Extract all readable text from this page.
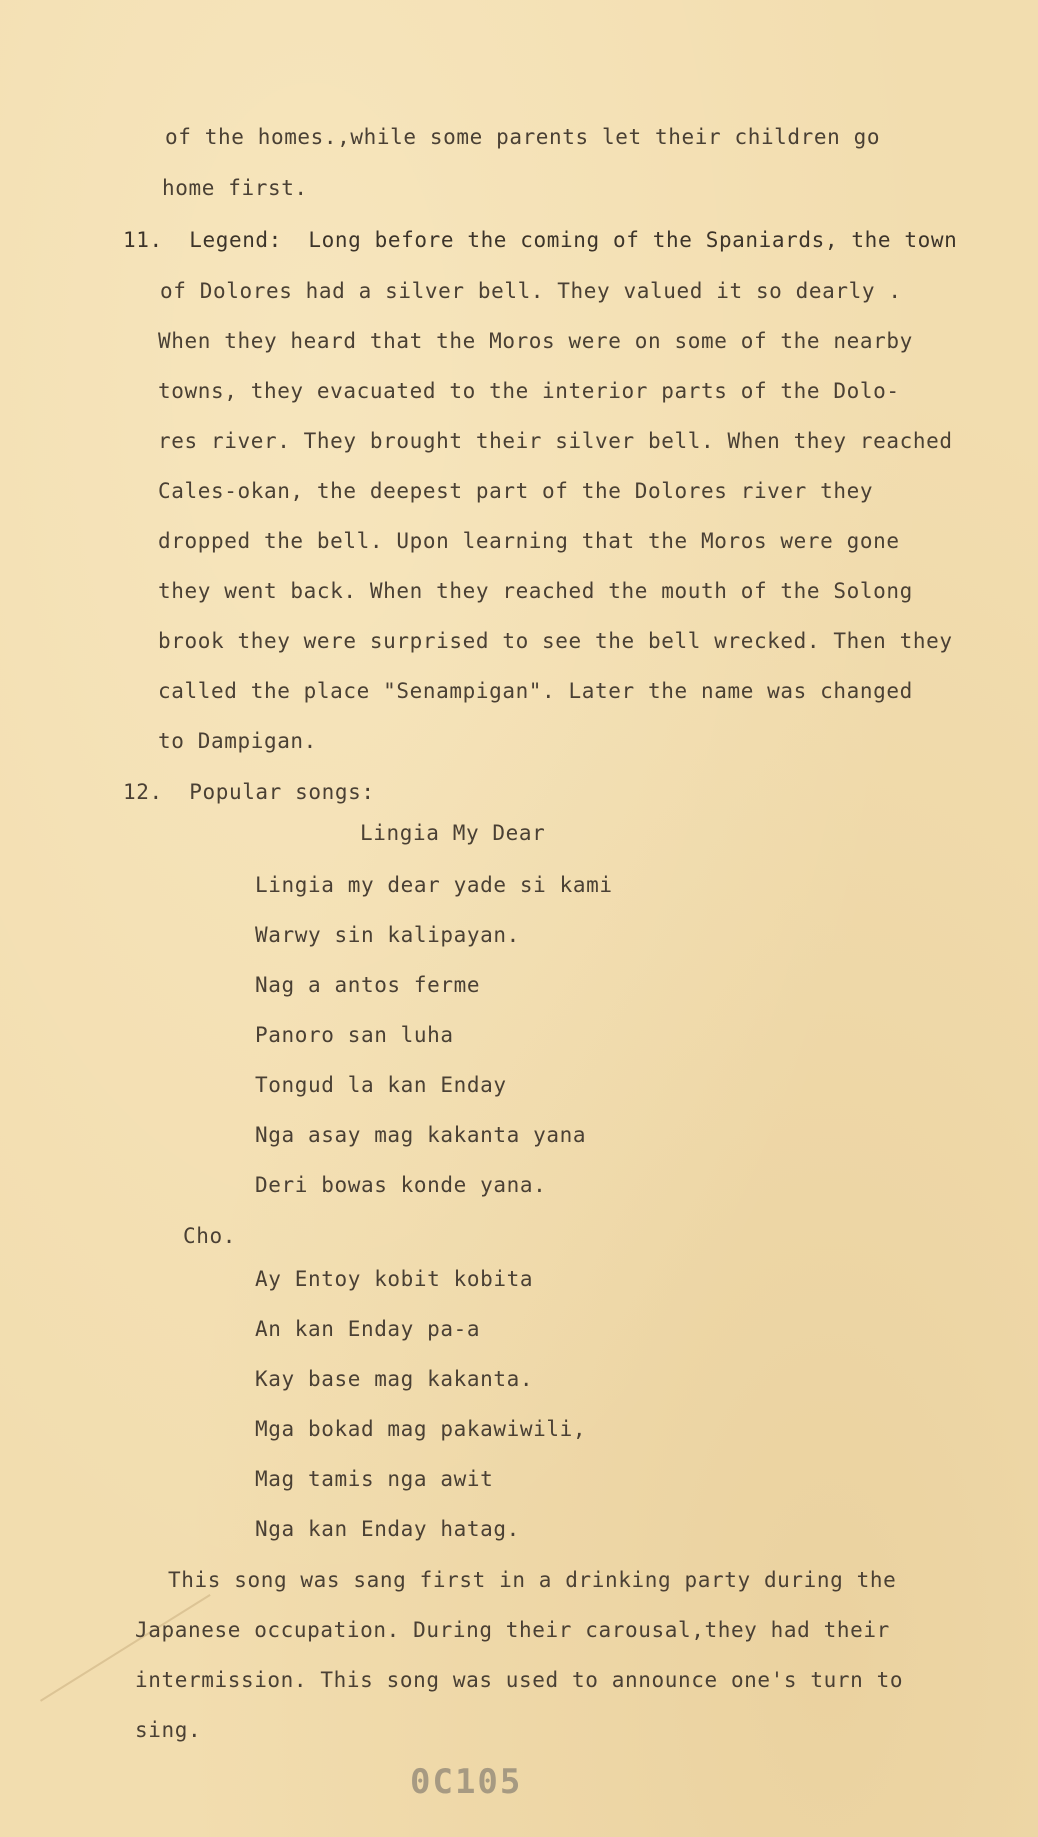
of the homes.,while some parents let their children go
home first.
11.  Legend:  Long before the coming of the Spaniards, the town
of Dolores had a silver bell. They valued it so dearly .
When they heard that the Moros were on some of the nearby
towns, they evacuated to the interior parts of the Dolo-
res river. They brought their silver bell. When they reached
Cales-okan, the deepest part of the Dolores river they
dropped the bell. Upon learning that the Moros were gone
they went back. When they reached the mouth of the Solong
brook they were surprised to see the bell wrecked. Then they
called the place "Senampigan". Later the name was changed
to Dampigan.
12.  Popular songs:
Lingia My Dear
Lingia my dear yade si kami
Warwy sin kalipayan.
Nag a antos ferme
Panoro san luha
Tongud la kan Enday
Nga asay mag kakanta yana
Deri bowas konde yana.
Cho.
Ay Entoy kobit kobita
An kan Enday pa-a
Kay base mag kakanta.
Mga bokad mag pakawiwili,
Mag tamis nga awit
Nga kan Enday hatag.
This song was sang first in a drinking party during the
Japanese occupation. During their carousal,they had their
intermission. This song was used to announce one's turn to
sing.
0C105
